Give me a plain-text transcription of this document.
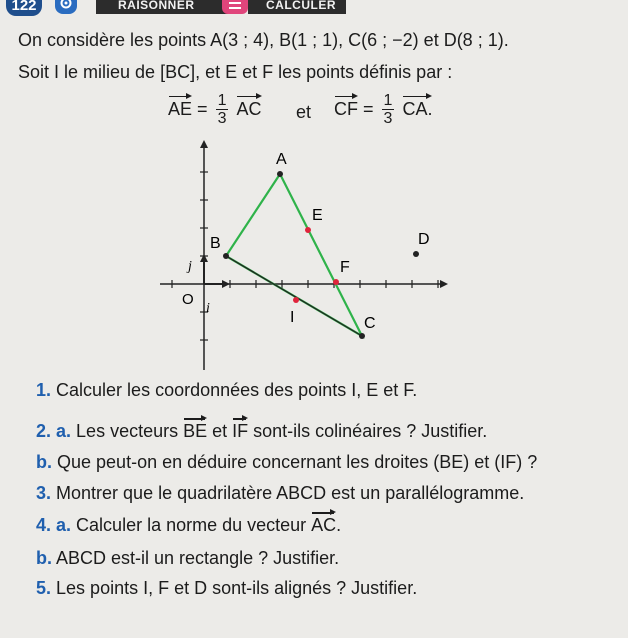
122	RAISONNER	CALCULER
On considère les points A(3 ; 4), B(1 ; 1), C(6 ; −2) et D(8 ; 1).
Soit I le milieu de [BC], et E et F les points définis par :
AE = $\frac{1}{3}$ AC et CF = $\frac{1}{3}$ CA.
A
B
C
D
E
F
I
O
i
j
1. Calculer les coordonnées des points I, E et F.
2. a. Les vecteurs BE et IF sont-ils colinéaires ? Justifier.
b. Que peut-on en déduire concernant les droites (BE) et (IF) ?
3. Montrer que le quadrilatère ABCD est un parallélogramme.
4. a. Calculer la norme du vecteur AC.
b. ABCD est-il un rectangle ? Justifier.
5. Les points I, F et D sont-ils alignés ? Justifier.
